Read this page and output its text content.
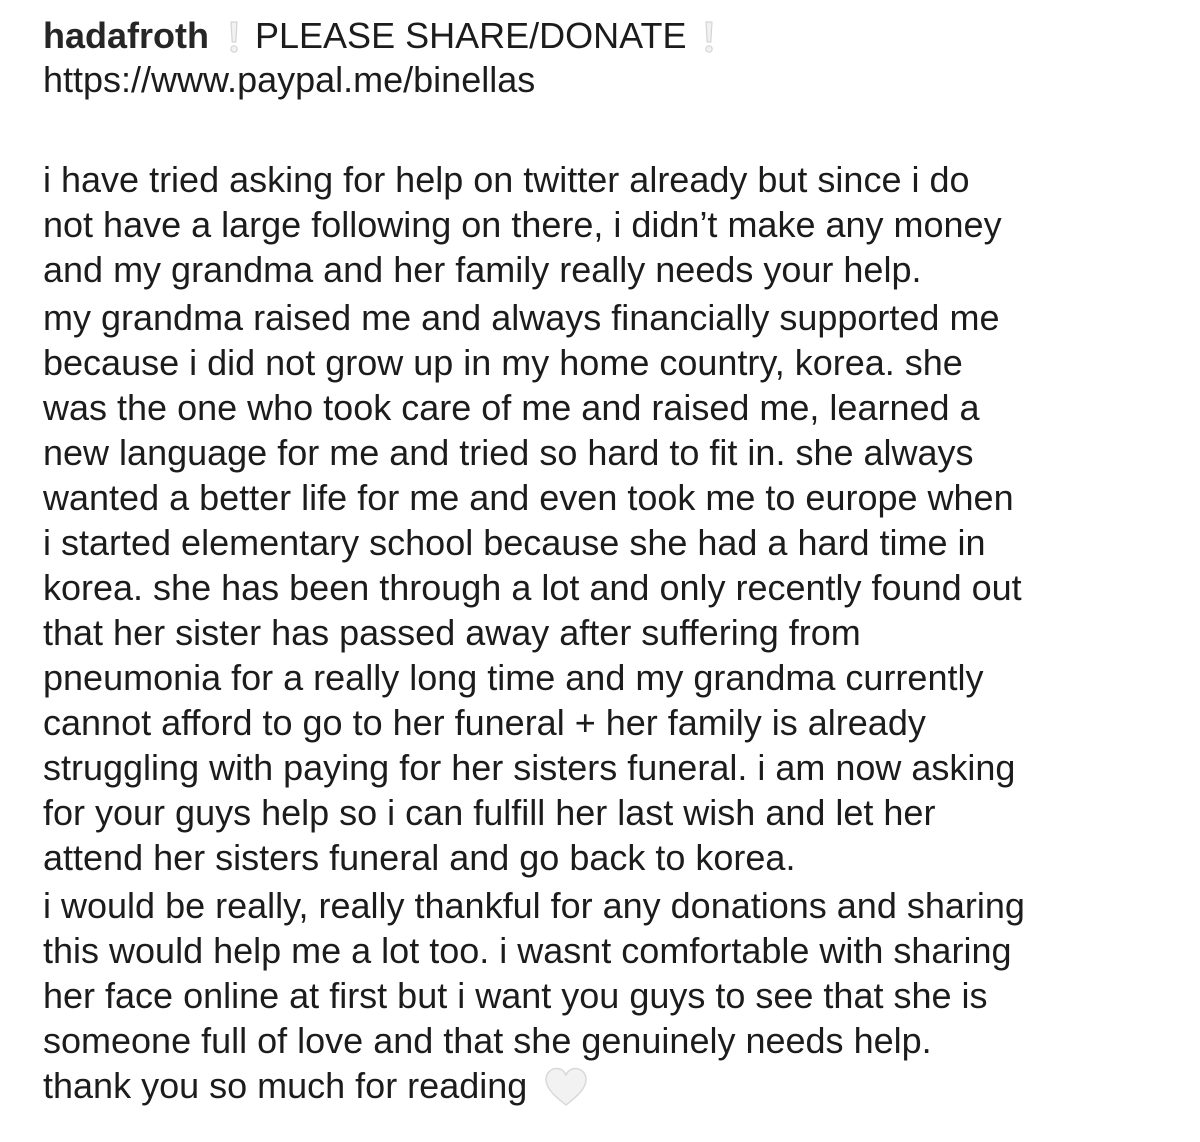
hadafroth PLEASE SHARE/DONATE
https://www.paypal.me/binellas
i have tried asking for help on twitter already but since i do
not have a large following on there, i didn’t make any money
and my grandma and her family really needs your help.
my grandma raised me and always financially supported me
because i did not grow up in my home country, korea. she
was the one who took care of me and raised me, learned a
new language for me and tried so hard to fit in. she always
wanted a better life for me and even took me to europe when
i started elementary school because she had a hard time in
korea. she has been through a lot and only recently found out
that her sister has passed away after suffering from
pneumonia for a really long time and my grandma currently
cannot afford to go to her funeral + her family is already
struggling with paying for her sisters funeral. i am now asking
for your guys help so i can fulfill her last wish and let her
attend her sisters funeral and go back to korea.
i would be really, really thankful for any donations and sharing
this would help me a lot too. i wasnt comfortable with sharing
her face online at first but i want you guys to see that she is
someone full of love and that she genuinely needs help.
thank you so much for reading
